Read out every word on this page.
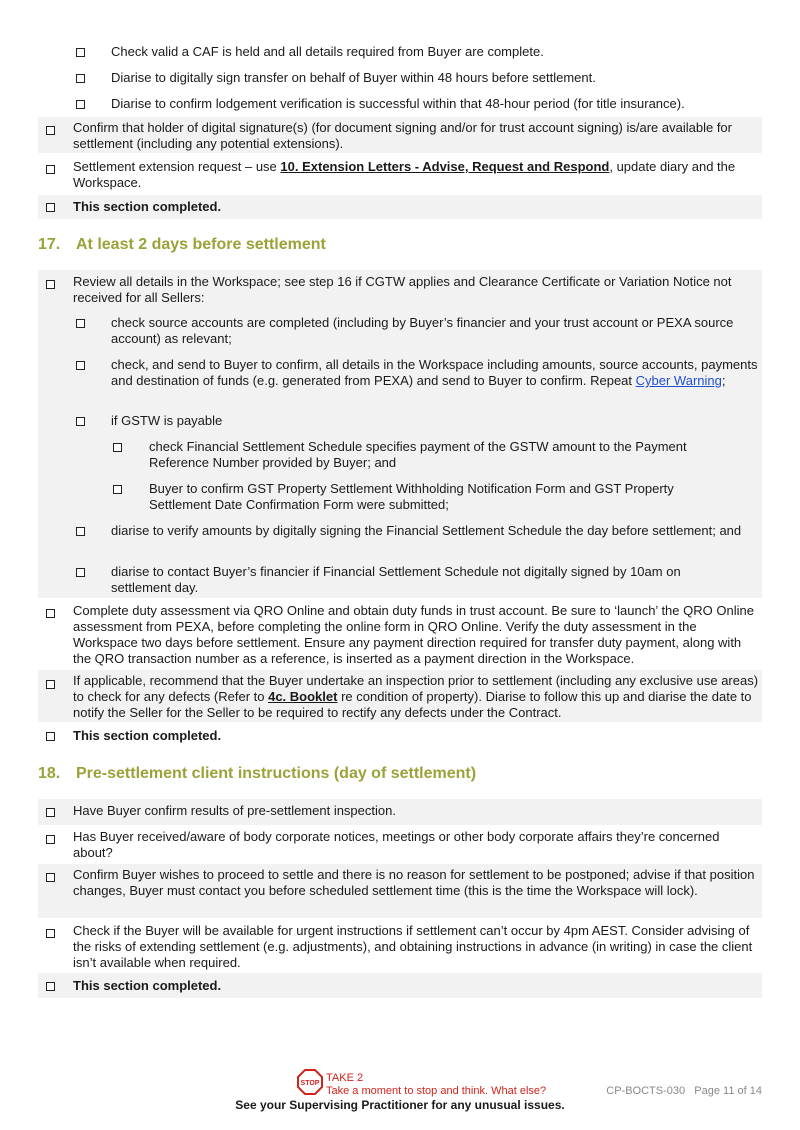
Check valid a CAF is held and all details required from Buyer are complete.
Diarise to digitally sign transfer on behalf of Buyer within 48 hours before settlement.
Diarise to confirm lodgement verification is successful within that 48-hour period (for title insurance).
Confirm that holder of digital signature(s) (for document signing and/or for trust account signing) is/are available for settlement (including any potential extensions).
Settlement extension request – use 10. Extension Letters - Advise, Request and Respond, update diary and the Workspace.
This section completed.
17. At least 2 days before settlement
Review all details in the Workspace; see step 16 if CGTW applies and Clearance Certificate or Variation Notice not received for all Sellers:
check source accounts are completed (including by Buyer’s financier and your trust account or PEXA source account) as relevant;
check, and send to Buyer to confirm, all details in the Workspace including amounts, source accounts, payments and destination of funds (e.g. generated from PEXA) and send to Buyer to confirm. Repeat Cyber Warning;
if GSTW is payable
check Financial Settlement Schedule specifies payment of the GSTW amount to the Payment Reference Number provided by Buyer; and
Buyer to confirm GST Property Settlement Withholding Notification Form and GST Property Settlement Date Confirmation Form were submitted;
diarise to verify amounts by digitally signing the Financial Settlement Schedule the day before settlement; and
diarise to contact Buyer’s financier if Financial Settlement Schedule not digitally signed by 10am on settlement day.
Complete duty assessment via QRO Online and obtain duty funds in trust account. Be sure to ‘launch’ the QRO Online assessment from PEXA, before completing the online form in QRO Online. Verify the duty assessment in the Workspace two days before settlement. Ensure any payment direction required for transfer duty payment, along with the QRO transaction number as a reference, is inserted as a payment direction in the Workspace.
If applicable, recommend that the Buyer undertake an inspection prior to settlement (including any exclusive use areas) to check for any defects (Refer to 4c. Booklet re condition of property). Diarise to follow this up and diarise the date to notify the Seller for the Seller to be required to rectify any defects under the Contract.
This section completed.
18. Pre-settlement client instructions (day of settlement)
Have Buyer confirm results of pre-settlement inspection.
Has Buyer received/aware of body corporate notices, meetings or other body corporate affairs they’re concerned about?
Confirm Buyer wishes to proceed to settle and there is no reason for settlement to be postponed; advise if that position changes, Buyer must contact you before scheduled settlement time (this is the time the Workspace will lock).
Check if the Buyer will be available for urgent instructions if settlement can’t occur by 4pm AEST. Consider advising of the risks of extending settlement (e.g. adjustments), and obtaining instructions in advance (in writing) in case the client isn’t available when required.
This section completed.
STOP TAKE 2
Take a moment to stop and think. What else?	CP-BOCTS-030   Page 11 of 14
See your Supervising Practitioner for any unusual issues.
